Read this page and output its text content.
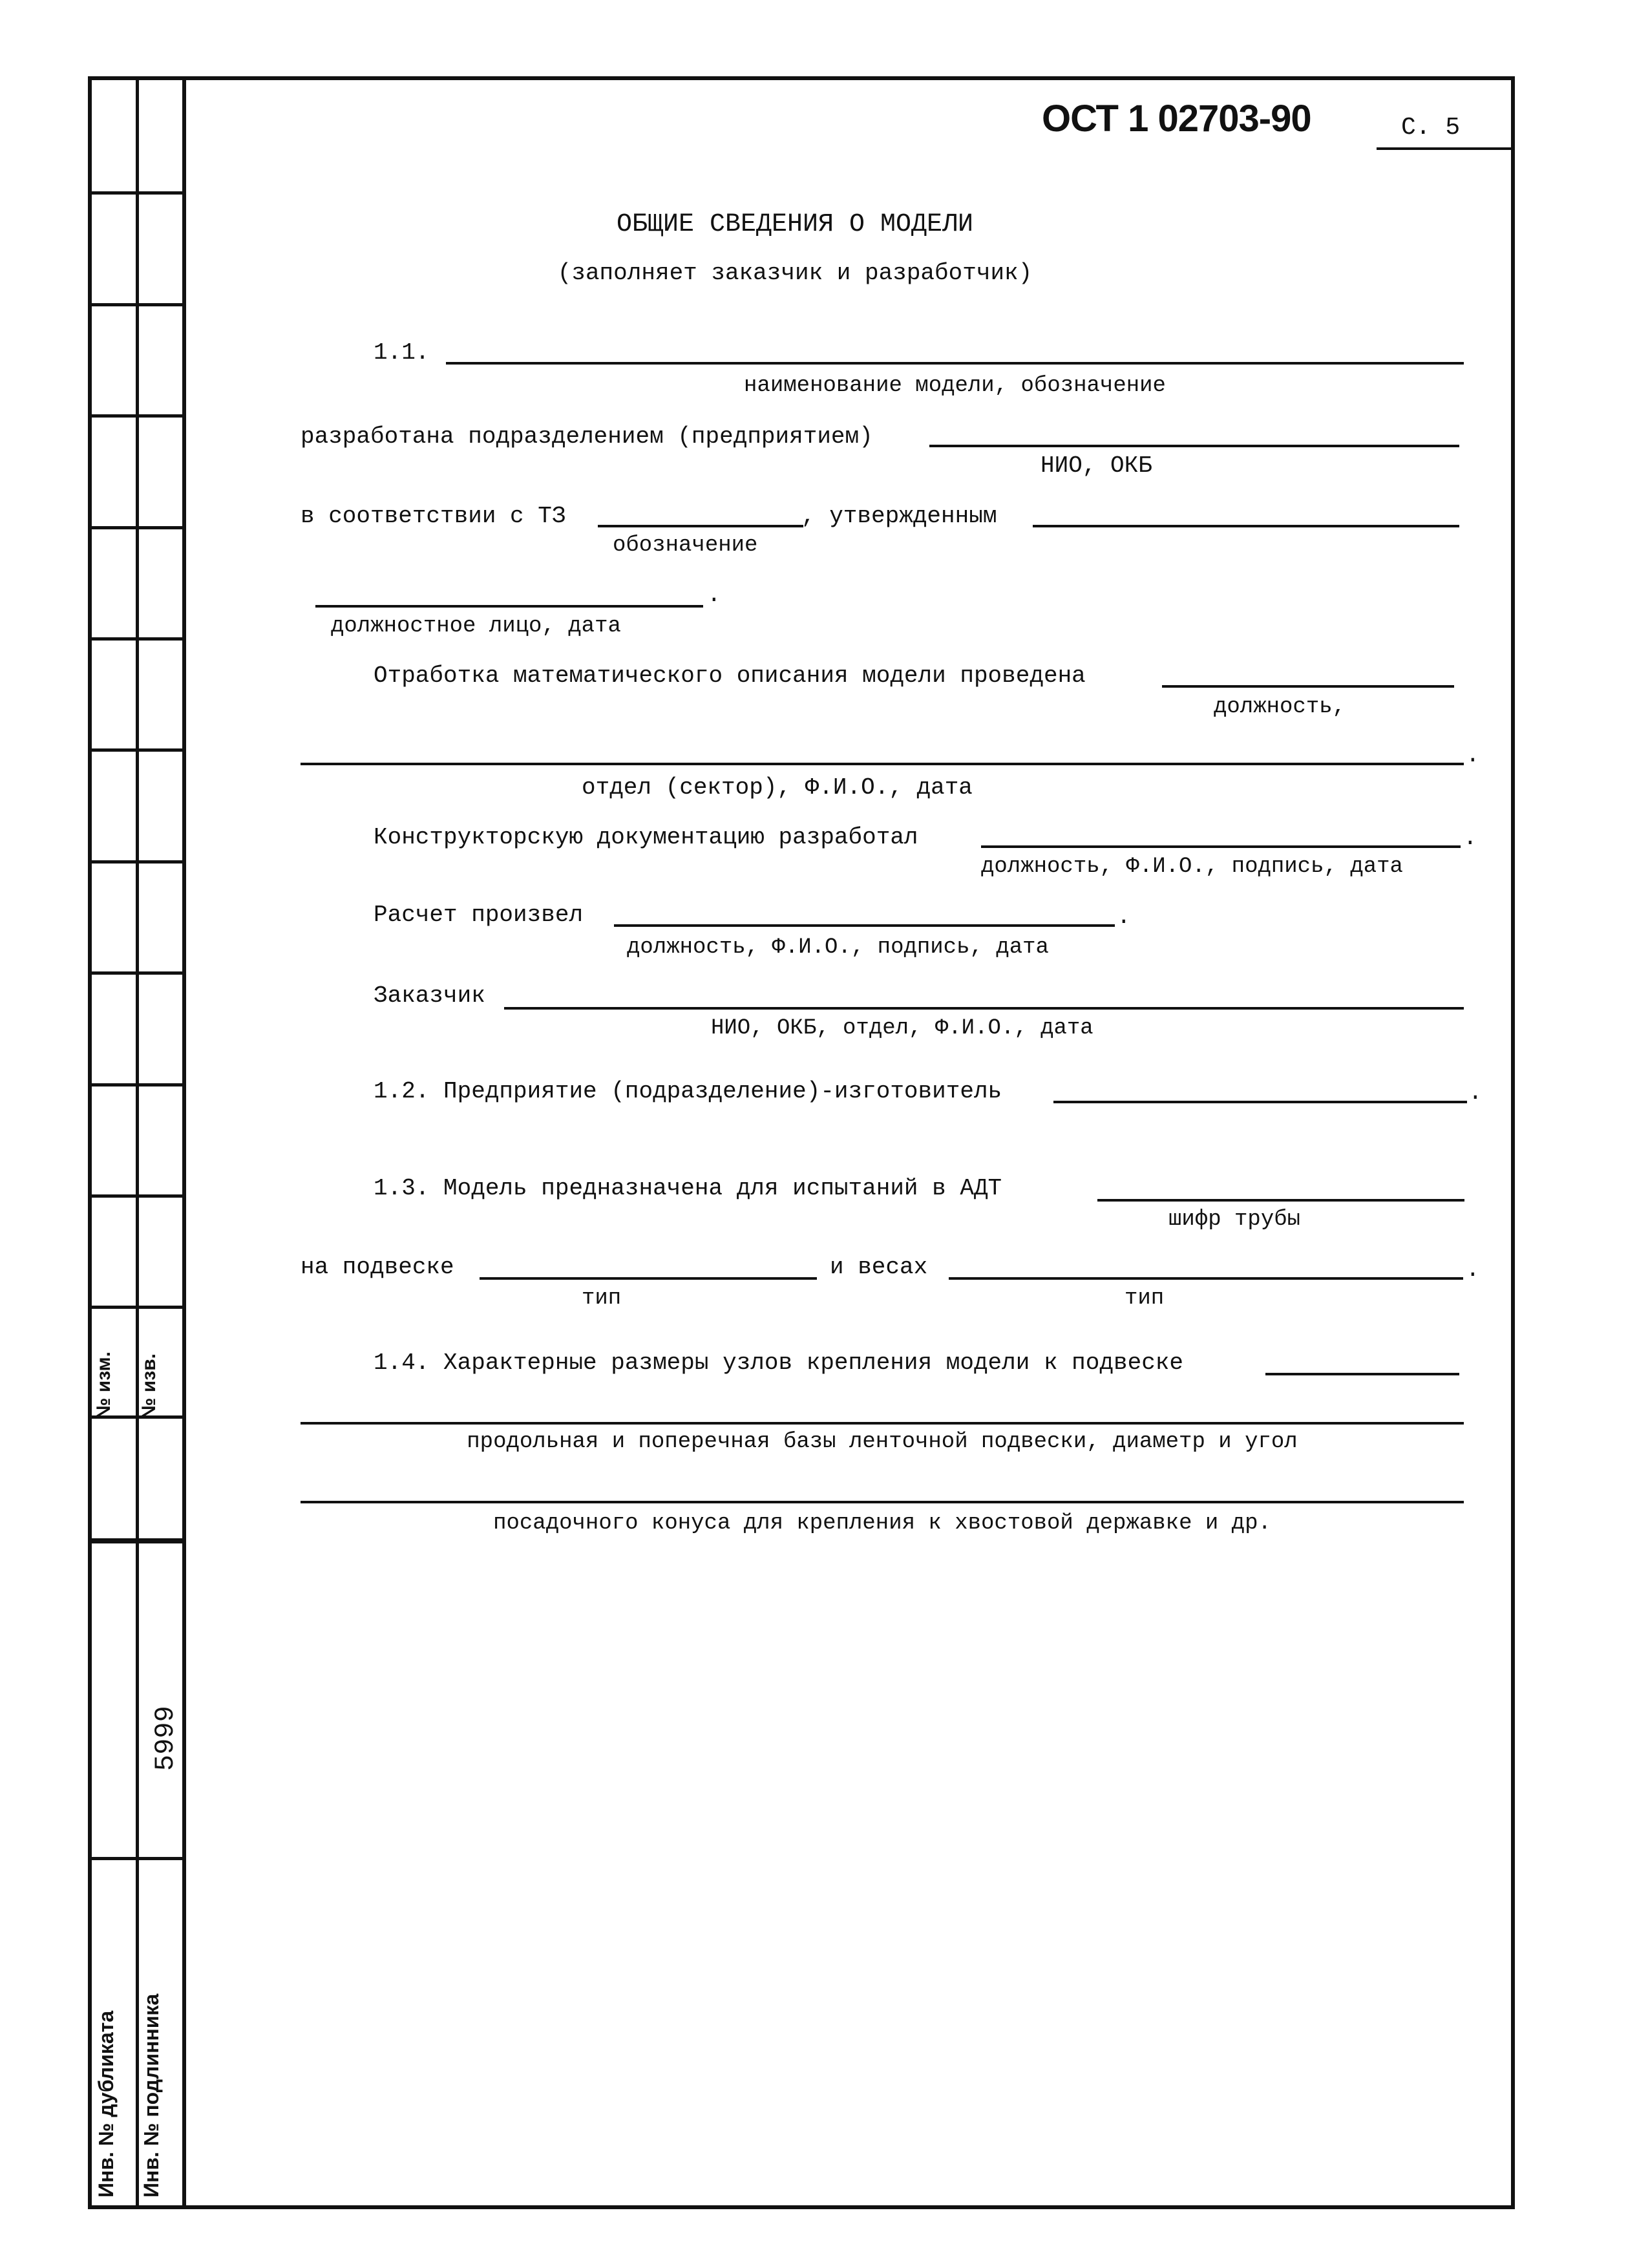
№ изм. № изв.
5999
Инв. № дубликата Инв. № подлинника
ОСТ 1 02703-90	С. 5
ОБЩИЕ СВЕДЕНИЯ О МОДЕЛИ
(заполняет заказчик и разработчик)
1.1.
наименование модели, обозначение
разработана подразделением (предприятием)
НИО, ОКБ
в соответствии с ТЗ	, утвержденным
обозначение
.
должностное лицо, дата
Отработка математического описания модели проведена
должность,
.
отдел (сектор), Ф.И.О., дата
Конструкторскую документацию разработал	.
должность, Ф.И.О., подпись, дата
Расчет произвел	.
должность, Ф.И.О., подпись, дата
Заказчик
НИО, ОКБ, отдел, Ф.И.О., дата
1.2. Предприятие (подразделение)-изготовитель	.
1.3. Модель предназначена для испытаний в АДТ
шифр трубы
на подвеске	и весах	.
тип	тип
1.4. Характерные размеры узлов крепления модели к подвеске
продольная и поперечная базы ленточной подвески, диаметр и угол
посадочного конуса для крепления к хвостовой державке и др.
